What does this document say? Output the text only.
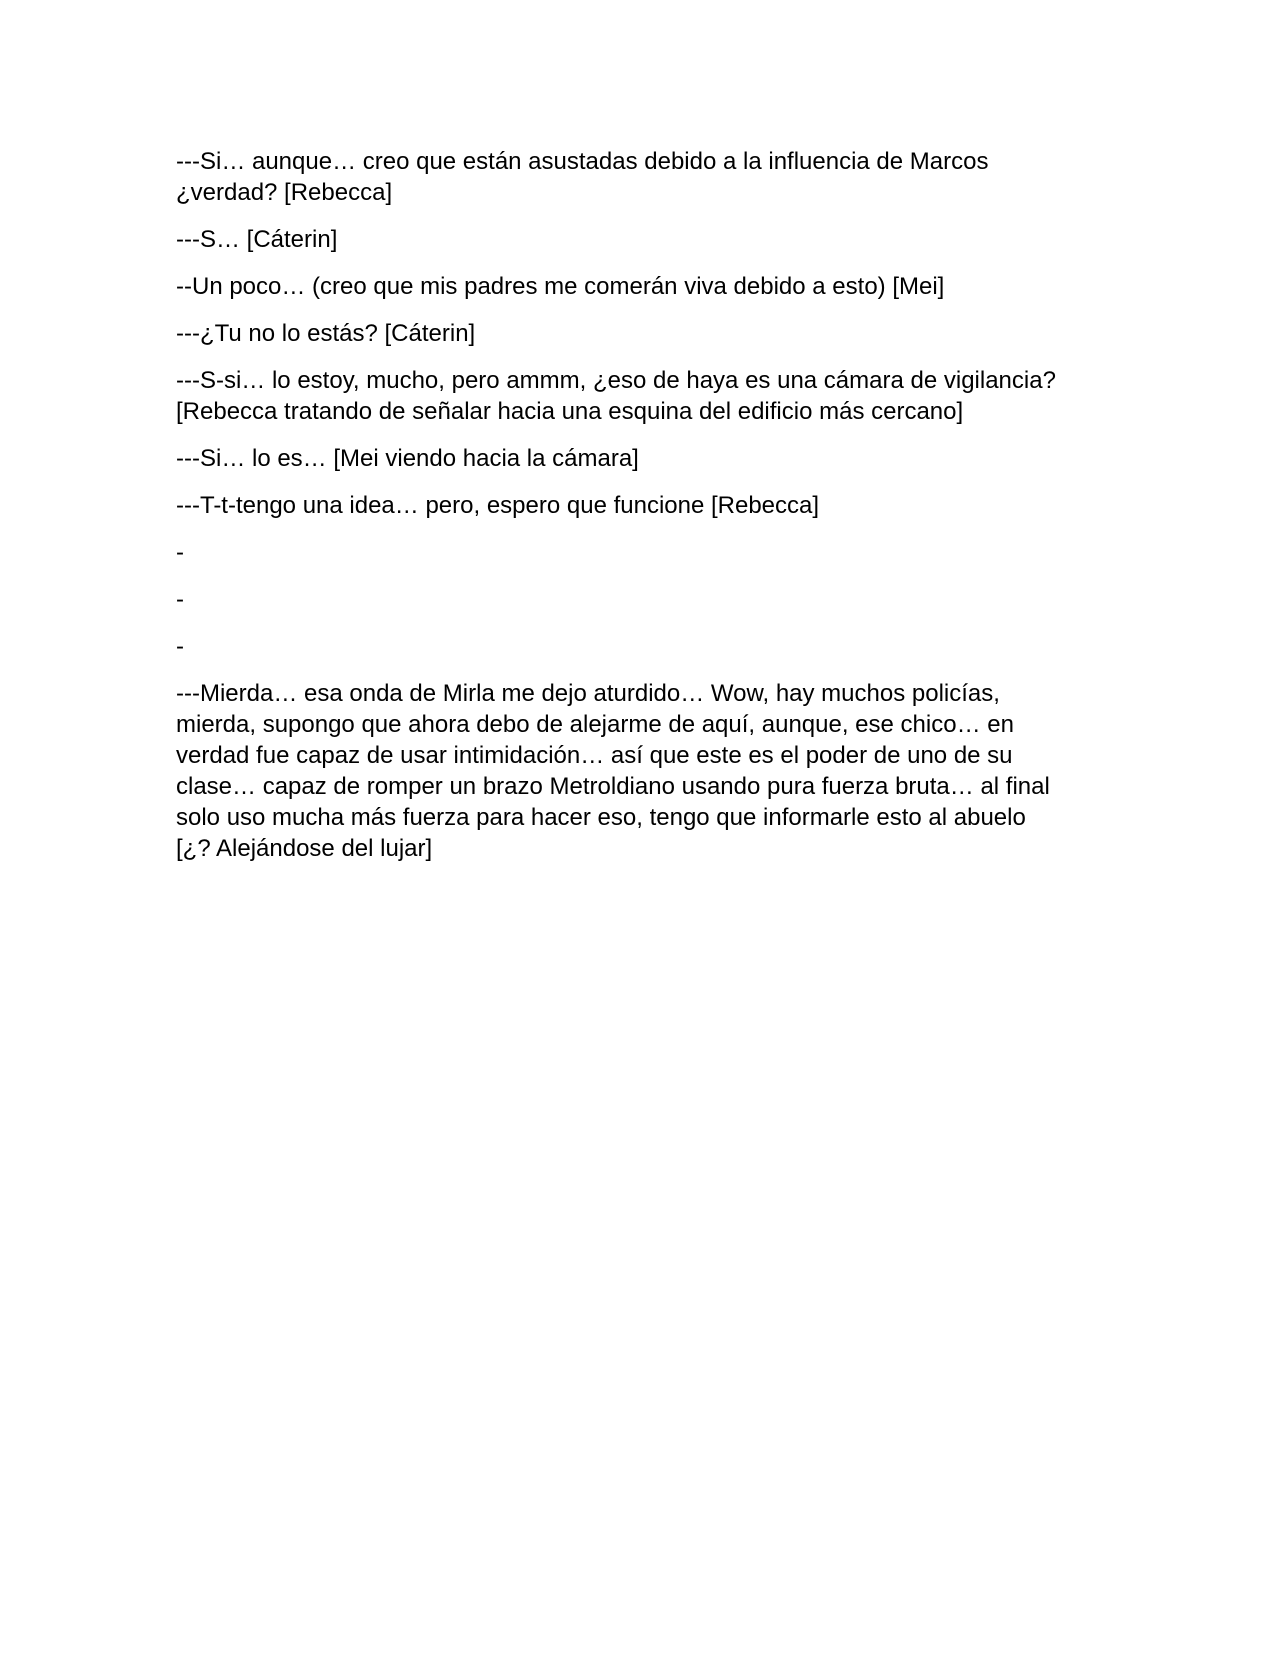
---Si… aunque… creo que están asustadas debido a la influencia de Marcos
¿verdad? [Rebecca]

---S… [Cáterin]

--Un poco… (creo que mis padres me comerán viva debido a esto) [Mei]

---¿Tu no lo estás? [Cáterin]

---S-si… lo estoy, mucho, pero ammm, ¿eso de haya es una cámara de vigilancia?
[Rebecca tratando de señalar hacia una esquina del edificio más cercano]

---Si… lo es… [Mei viendo hacia la cámara]

---T-t-tengo una idea… pero, espero que funcione [Rebecca]

-

-

-

---Mierda… esa onda de Mirla me dejo aturdido… Wow, hay muchos policías,
mierda, supongo que ahora debo de alejarme de aquí, aunque, ese chico… en
verdad fue capaz de usar intimidación… así que este es el poder de uno de su
clase… capaz de romper un brazo Metroldiano usando pura fuerza bruta… al final
solo uso mucha más fuerza para hacer eso, tengo que informarle esto al abuelo
[¿? Alejándose del lujar]
